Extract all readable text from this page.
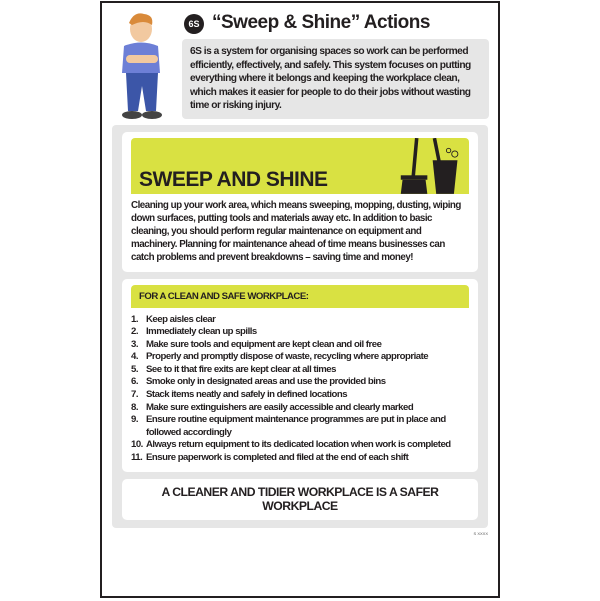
6S “Sweep & Shine” Actions
6S is a system for organising spaces so work can be performed efficiently, effectively, and safely. This system focuses on putting everything where it belongs and keeping the workplace clean, which makes it easier for people to do their jobs without wasting time or risking injury.
SWEEP AND SHINE
Cleaning up your work area, which means sweeping, mopping, dusting, wiping down surfaces, putting tools and materials away etc. In addition to basic cleaning, you should perform regular maintenance on equipment and machinery. Planning for maintenance ahead of time means businesses can catch problems and prevent breakdowns – saving time and money!
FOR A CLEAN AND SAFE WORKPLACE:
1. Keep aisles clear
2. Immediately clean up spills
3. Make sure tools and equipment are kept clean and oil free
4. Properly and promptly dispose of waste, recycling where appropriate
5. See to it that fire exits are kept clear at all times
6. Smoke only in designated areas and use the provided bins
7. Stack items neatly and safely in defined locations
8. Make sure extinguishers are easily accessible and clearly marked
9. Ensure routine equipment maintenance programmes are put in place and followed accordingly
10. Always return equipment to its dedicated location when work is completed
11. Ensure paperwork is completed and filed at the end of each shift
A CLEANER AND TIDIER WORKPLACE IS A SAFER WORKPLACE
S XXXX
